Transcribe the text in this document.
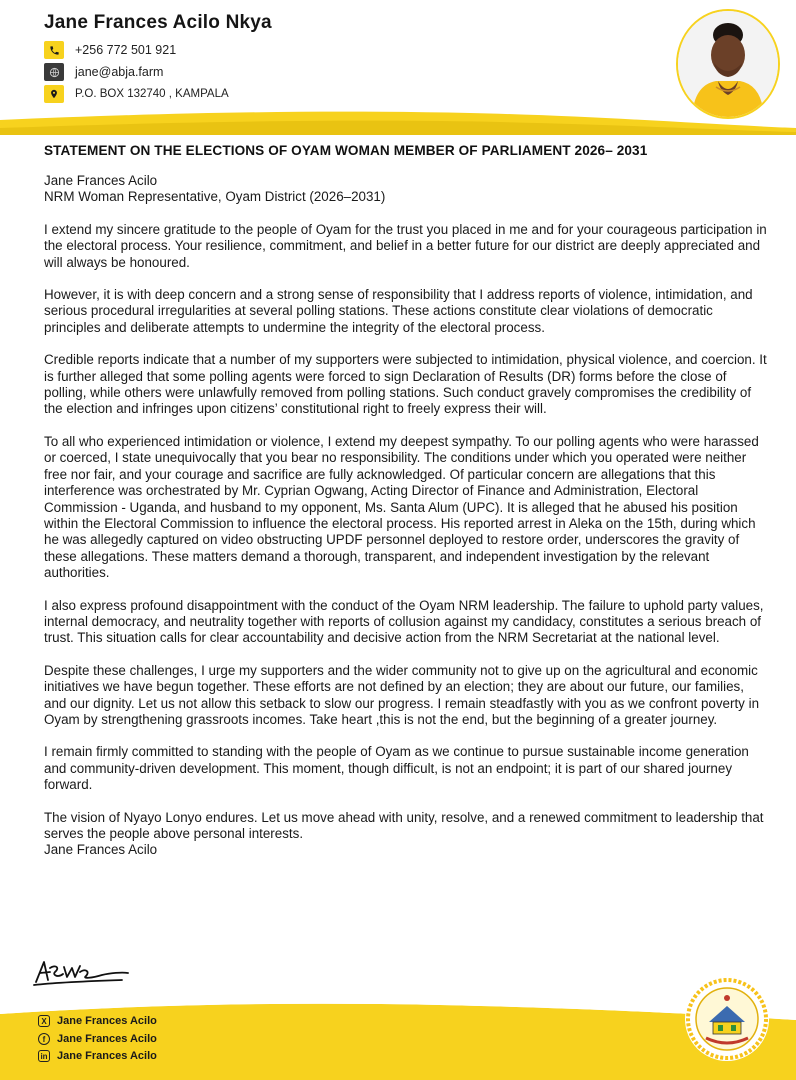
Jane Frances Acilo Nkya
+256 772 501 921
jane@abja.farm
P.O. BOX 132740 , KAMPALA
STATEMENT ON THE ELECTIONS OF OYAM WOMAN MEMBER OF PARLIAMENT 2026– 2031

Jane Frances Acilo

NRM Woman Representative, Oyam District (2026–2031)

I extend my sincere gratitude to the people of Oyam for the trust you placed in me and for your courageous participation in the electoral process. Your resilience, commitment, and belief in a better future for our district are deeply appreciated and will always be honoured.

However, it is with deep concern and a strong sense of responsibility that I address reports of violence, intimidation, and serious procedural irregularities at several polling stations. These actions constitute clear violations of democratic principles and deliberate attempts to undermine the integrity of the electoral process.

Credible reports indicate that a number of my supporters were subjected to intimidation, physical violence, and coercion. It is further alleged that some polling agents were forced to sign Declaration of Results (DR) forms before the close of polling, while others were unlawfully removed from polling stations. Such conduct gravely compromises the credibility of the election and infringes upon citizens’ constitutional right to freely express their will.

To all who experienced intimidation or violence, I extend my deepest sympathy. To our polling agents who were harassed or coerced, I state unequivocally that you bear no responsibility. The conditions under which you operated were neither free nor fair, and your courage and sacrifice are fully acknowledged. Of particular concern are allegations that this interference was orchestrated by Mr. Cyprian Ogwang, Acting Director of Finance and Administration, Electoral Commission - Uganda, and husband to my opponent, Ms. Santa Alum (UPC). It is alleged that he abused his position within the Electoral Commission to influence the electoral process. His reported arrest in Aleka on the 15th, during which he was allegedly captured on video obstructing UPDF personnel deployed to restore order, underscores the gravity of these allegations. These matters demand a thorough, transparent, and independent investigation by the relevant authorities.

I also express profound disappointment with the conduct of the Oyam NRM leadership. The failure to uphold party values, internal democracy, and neutrality together with reports of collusion against my candidacy, constitutes a serious breach of trust. This situation calls for clear accountability and decisive action from the NRM Secretariat at the national level.

Despite these challenges, I urge my supporters and the wider community not to give up on the agricultural and economic initiatives we have begun together. These efforts are not defined by an election; they are about our future, our families, and our dignity. Let us not allow this setback to slow our progress. I remain steadfastly with you as we confront poverty in Oyam by strengthening grassroots incomes. Take heart ,this is not the end, but the beginning of a greater journey.

I remain firmly committed to standing with the people of Oyam as we continue to pursue sustainable income generation and community-driven development. This moment, though difficult, is not an endpoint; it is part of our shared journey forward.

The vision of Nyayo Lonyo endures. Let us move ahead with unity, resolve, and a renewed commitment to leadership that serves the people above personal interests.

Jane Frances Acilo

X Jane Frances Acilo
f	Jane Frances Acilo
in Jane Frances Acilo
